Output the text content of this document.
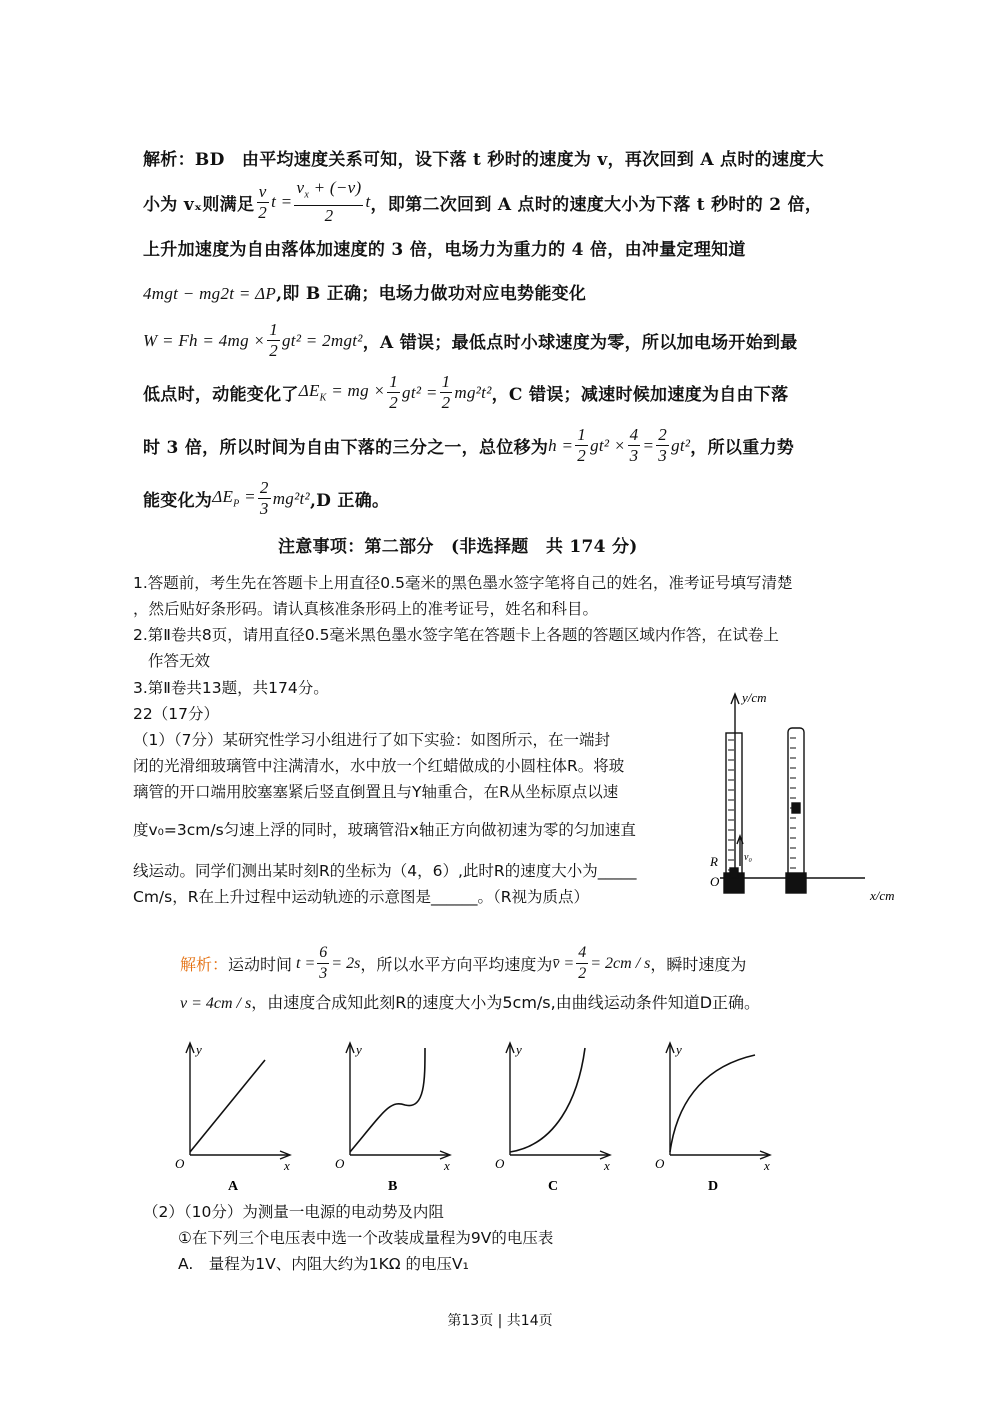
解析：BD　由平均速度关系可知，设下落 t 秒时的速度为 v，再次回到 A 点时的速度大
小为 vₓ则满足 $\frac{v}{2}$ $t = \frac{v_x + (-v)}{2}$ t ，即第二次回到 A 点时的速度大小为下落 t 秒时的 2 倍，
上升加速度为自由落体加速度的 3 倍，电场力为重力的 4 倍，由冲量定理知道
4mgt − mg2t = ΔP,即 B 正确；电场力做功对应电势能变化
$W = Fh = 4mg \times \frac{1}{2} gt^2 = 2mgt^2$ ，A 错误；最低点时小球速度为零，所以加电场开始到最
低点时，动能变化了 $\Delta E_K$ = mg × $\frac{1}{2} gt^2 = \frac{1}{2} mg^2t^2$ ，C 错误；减速时候加速度为自由下落
时 3 倍，所以时间为自由下落的三分之一，总位移为 $h = \frac{1}{2} gt^2 \times \frac{4}{3} = \frac{2}{3} gt^2$ ，所以重力势
能变化为 $\Delta E_P = \frac{2}{3} mg^2t^2$ ,D 正确。
注意事项：第二部分　(非选择题　共 174 分)
1.答题前，考生先在答题卡上用直径0.5毫米的黑色墨水签字笔将自己的姓名，准考证号填写清楚
，然后贴好条形码。请认真核准条形码上的准考证号，姓名和科目。
2.第Ⅱ卷共8页，请用直径0.5毫米黑色墨水签字笔在答题卡上各题的答题区域内作答，在试卷上
作答无效
3.第Ⅱ卷共13题，共174分。
22（17分）
（1）（7分）某研究性学习小组进行了如下实验：如图所示，在一端封
闭的光滑细玻璃管中注满清水，水中放一个红蜡做成的小圆柱体R。将玻
璃管的开口端用胶塞塞紧后竖直倒置且与Y轴重合，在R从坐标原点以速
度v₀=3cm/s匀速上浮的同时，玻璃管沿x轴正方向做初速为零的匀加速直
线运动。同学们测出某时刻R的坐标为（4，6）,此时R的速度大小为_____
Cm/s，R在上升过程中运动轨迹的示意图是______。（R视为质点）
y/cm
x/cm
R
O
v₀
解析： 运动时间 $t = \frac{6}{3} = 2s$ ，所以水平方向平均速度为 v̄ = $\frac{4}{2} = 2cm / s$ ，瞬时速度为
v = 4cm / s，由速度合成知此刻R的速度大小为5cm/s,由曲线运动条件知道D正确。
y
x
O
A
y
x
O
B
y
x
O
C
y
x
O
D
（2）（10分）为测量一电源的电动势及内阻
①在下列三个电压表中选一个改装成量程为9V的电压表
A.　量程为1V、内阻大约为1KΩ 的电压V₁
第13页 | 共14页
